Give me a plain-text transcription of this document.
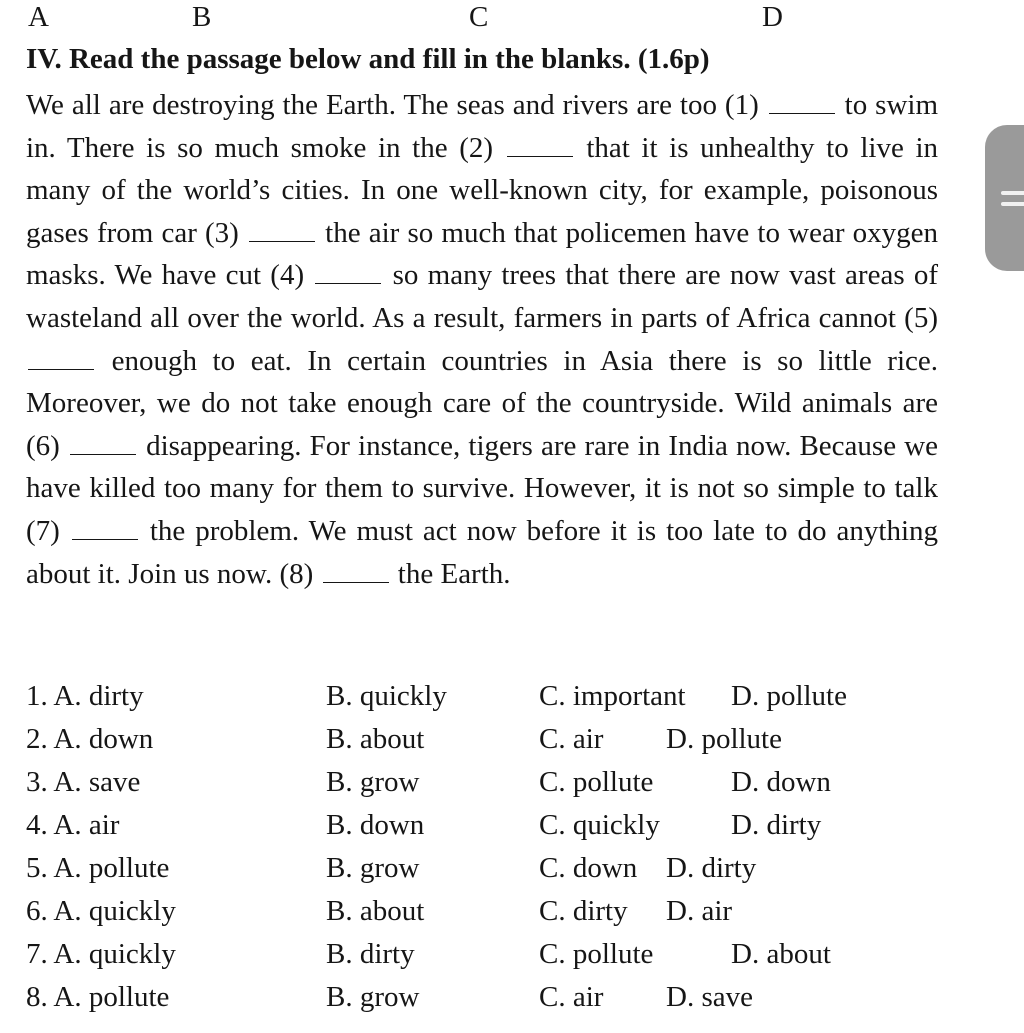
A	B	C	D
IV. Read the passage below and fill in the blanks. (1.6p)
We all are destroying the Earth. The seas and rivers are too (1)	to swim in. There is so much smoke in the (2)	that it is unhealthy to live in many of the world’s cities. In one well-known city, for example, poisonous gases from car (3)	the air so much that policemen have to wear oxygen masks. We have cut (4)	so many trees that there are now vast areas of wasteland all over the world. As a result, farmers in parts of Africa cannot (5)  enough to eat. In certain countries in Asia there is so little rice. Moreover, we do not take enough care of the countryside. Wild animals are (6)	disappearing. For instance, tigers are rare in India now. Because we have killed too many for them to survive. However, it is not so simple to talk (7)	the problem. We must act now before it is too late to do anything about it. Join us now. (8)	the Earth.
1. A. dirty	B. quickly	C. important D. pollute
2. A. down	B. about	C. air D. pollute
3. A. save	B. grow	C. pollute	D. down
4. A. air	B. down	C. quickly D. dirty
5. A. pollute	B. grow	C. down D. dirty
6. A. quickly	B. about	C. dirty D. air
7. A. quickly	B. dirty	C. pollute	D. about
8. A. pollute	B. grow	C. air D. save
